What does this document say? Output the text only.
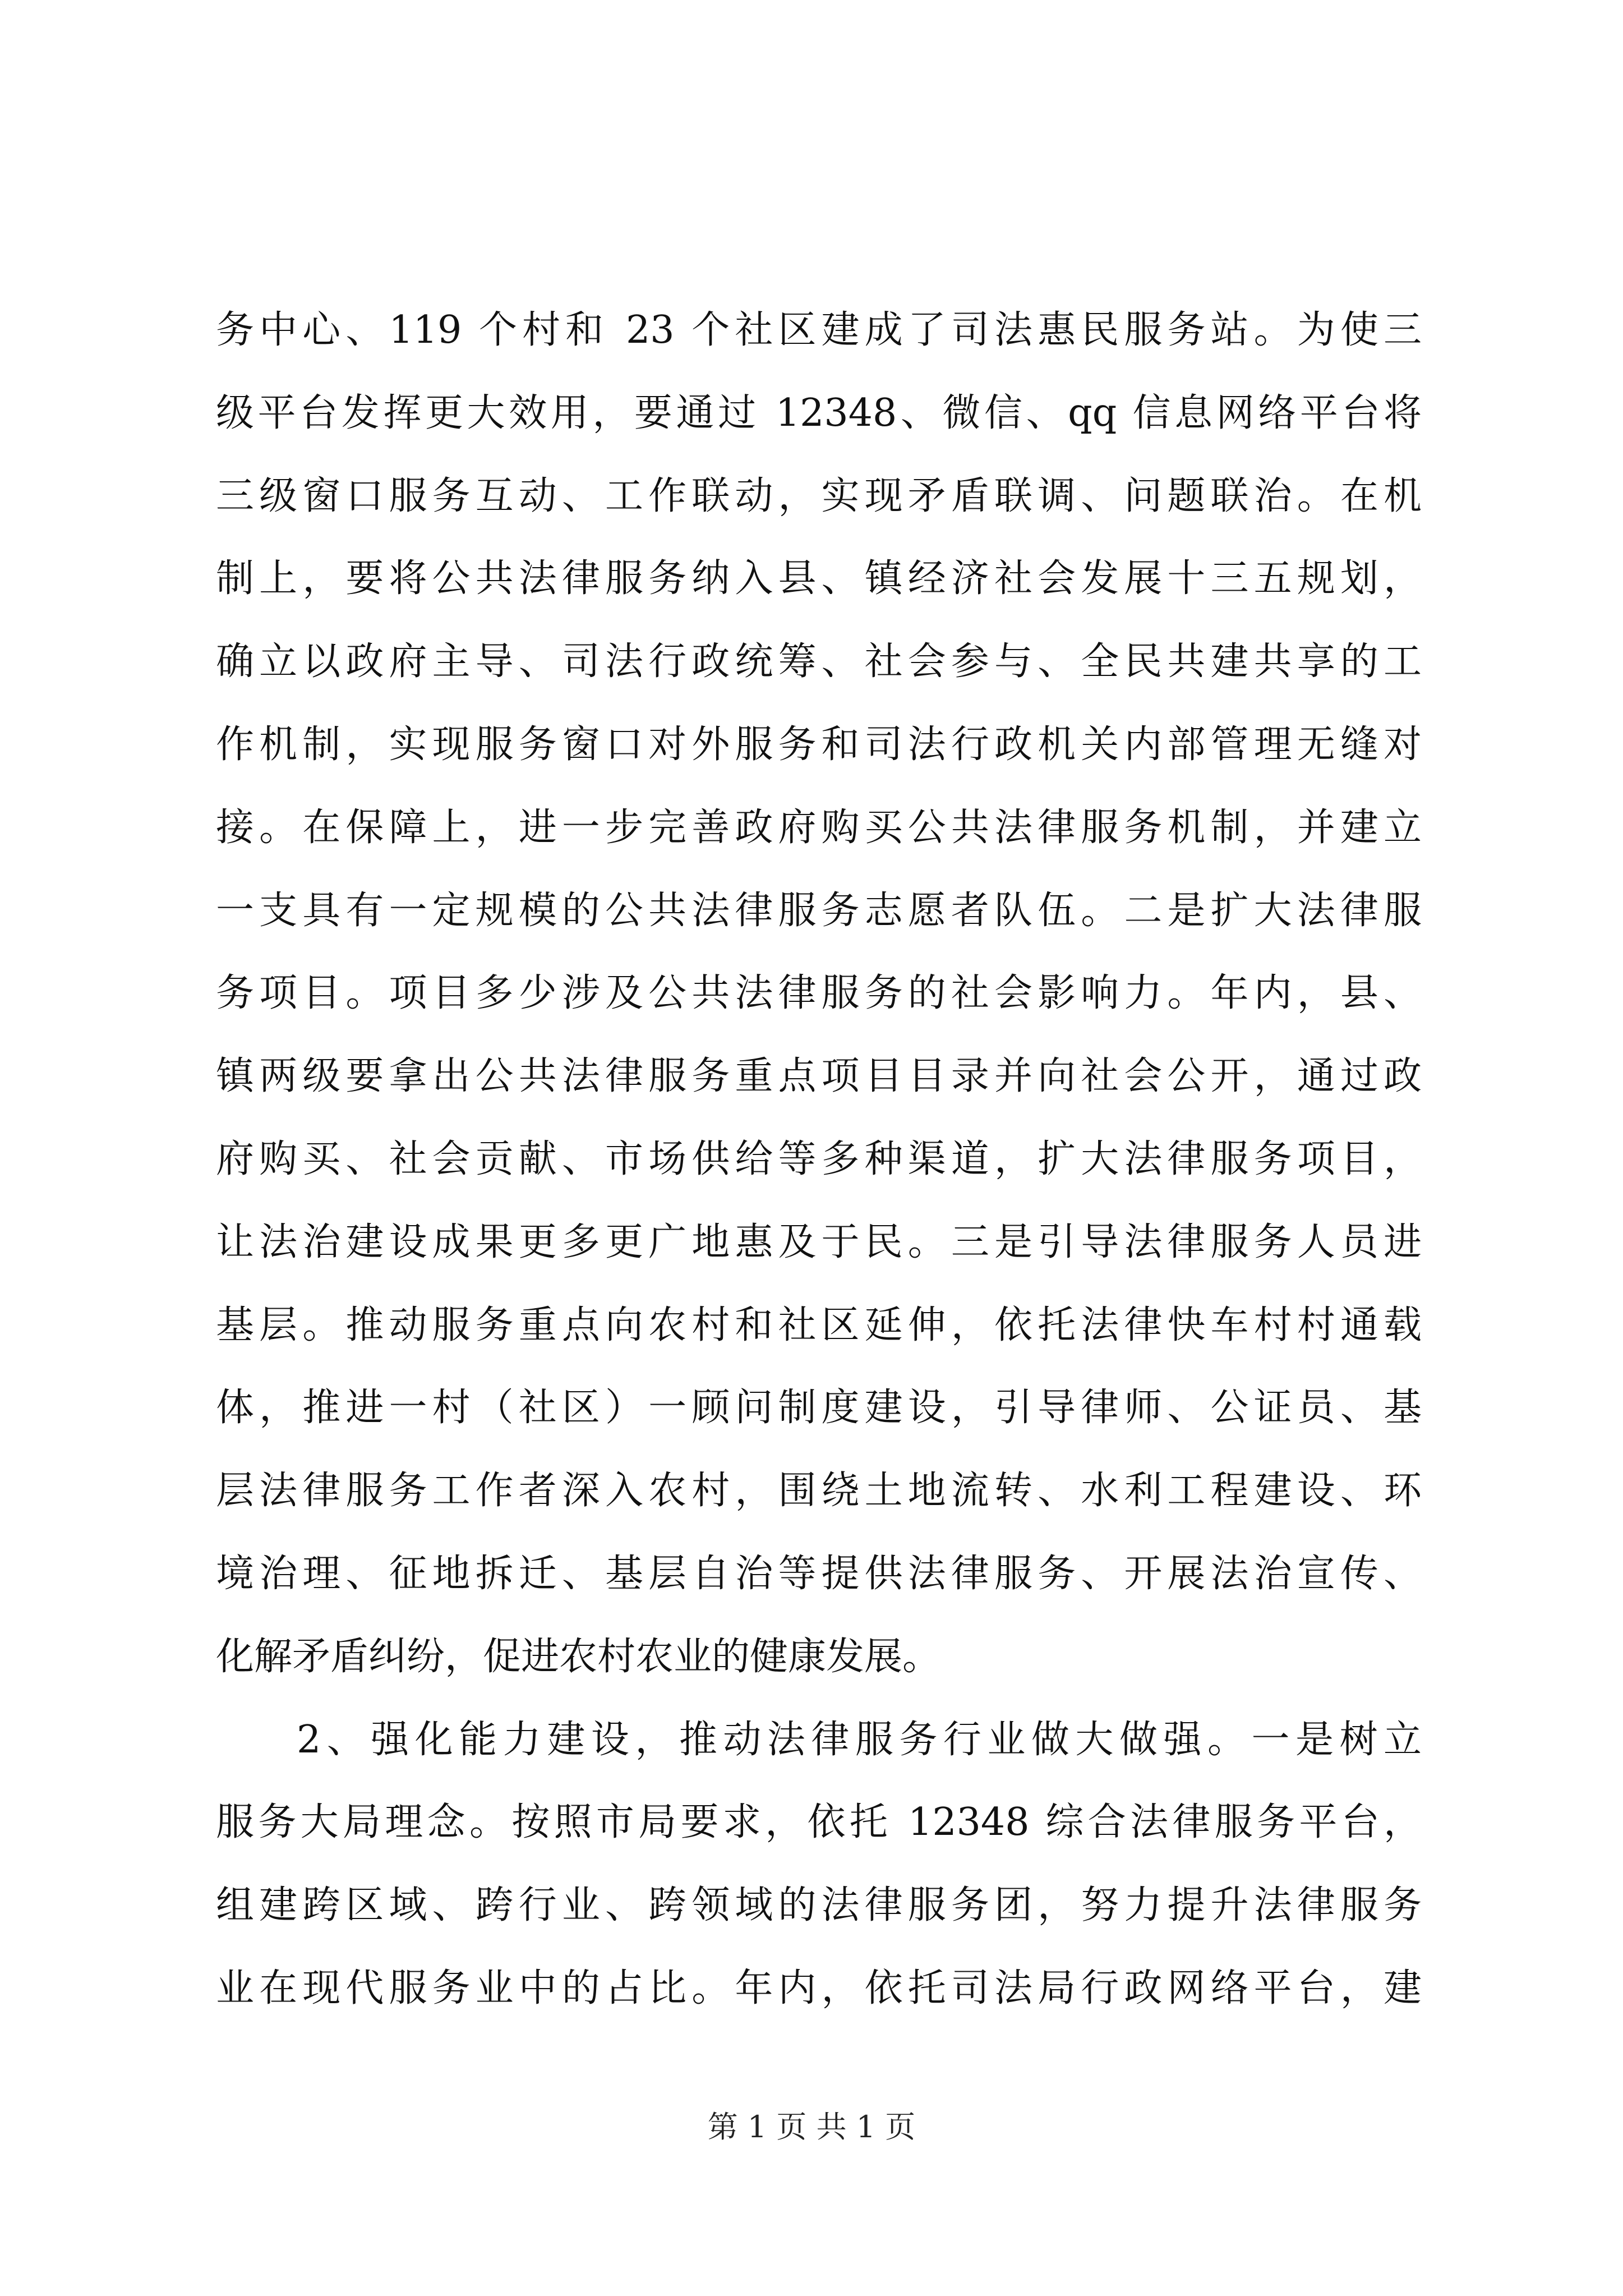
务中心、119 个村和 23 个社区建成了司法惠民服务站。为使三
级平台发挥更大效用，要通过 12348、微信、qq 信息网络平台将
三级窗口服务互动、工作联动，实现矛盾联调、问题联治。在机
制上，要将公共法律服务纳入县、镇经济社会发展十三五规划，
确立以政府主导、司法行政统筹、社会参与、全民共建共享的工
作机制，实现服务窗口对外服务和司法行政机关内部管理无缝对
接。在保障上，进一步完善政府购买公共法律服务机制，并建立
一支具有一定规模的公共法律服务志愿者队伍。二是扩大法律服
务项目。项目多少涉及公共法律服务的社会影响力。年内，县、
镇两级要拿出公共法律服务重点项目目录并向社会公开，通过政
府购买、社会贡献、市场供给等多种渠道，扩大法律服务项目，
让法治建设成果更多更广地惠及于民。三是引导法律服务人员进
基层。推动服务重点向农村和社区延伸，依托法律快车村村通载
体，推进一村（社区）一顾问制度建设，引导律师、公证员、基
层法律服务工作者深入农村，围绕土地流转、水利工程建设、环
境治理、征地拆迁、基层自治等提供法律服务、开展法治宣传、
化解矛盾纠纷，促进农村农业的健康发展。
2、强化能力建设，推动法律服务行业做大做强。一是树立
服务大局理念。按照市局要求，依托 12348 综合法律服务平台，
组建跨区域、跨行业、跨领域的法律服务团，努力提升法律服务
业在现代服务业中的占比。年内，依托司法局行政网络平台，建
第 1 页 共 1 页
